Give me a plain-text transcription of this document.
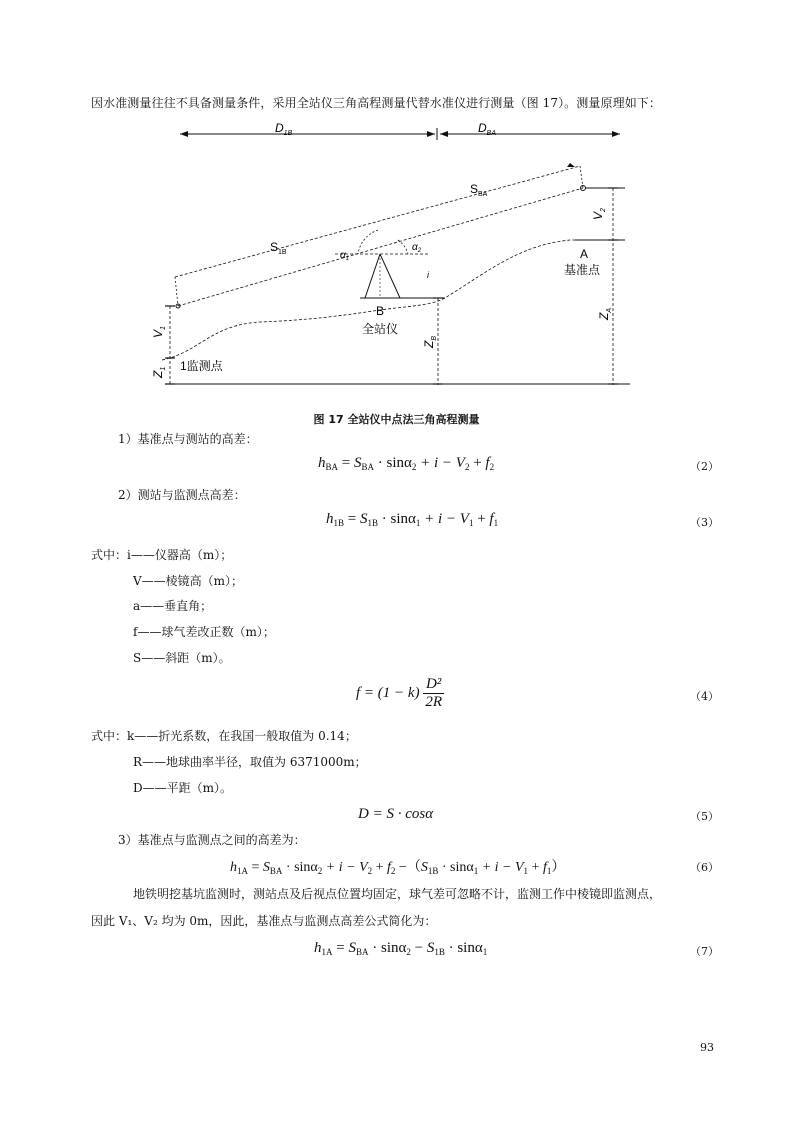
因水准测量往往不具备测量条件，采用全站仪三角高程测量代替水准仪进行测量（图 17）。测量原理如下：
$D_{1B}$	$D_{BA}$
$S_{BA}$
$S_{1B}$	$\alpha_1$
$\alpha_2$
i
B
全站仪
A
基准点
$V_2$
$Z_A$
$Z_B$
$V_1$
$Z_1$ 1监测点
图 17 全站仪中点法三角高程测量
1）基准点与测站的高差：
$h_{BA} = S_{BA} \cdot \sin\alpha_2 + i - V_2 + f_2$	（2）
2）测站与监测点高差：
$h_{1B} = S_{1B} \cdot \sin\alpha_1 + i - V_1 + f_1$	（3）
式中：i——仪器高（m）；
V——棱镜高（m）；
a——垂直角；
f——球气差改正数（m）；
S——斜距（m）。
$f = (1 - k) \frac{\text{D²}}{2R}$	（4）
式中：k——折光系数，在我国一般取值为 0.14；
R——地球曲率半径，取值为 6371000m；
D——平距（m）。
D = S · cosα	（5）
3）基准点与监测点之间的高差为：
$h_{1A} = S_{BA} \cdot \sin\alpha_2 + i - V_2 + f_2 -(S_{1B} \cdot \sin\alpha_1 + i - V_1 + f_1)$	（6）
地铁明挖基坑监测时，测站点及后视点位置均固定，球气差可忽略不计，监测工作中棱镜即监测点，
因此 V₁、V₂ 均为 0m，因此，基准点与监测点高差公式简化为：
$h_{1A} = S_{BA} \cdot \sin\alpha_2 - S_{1B} \cdot \sin\alpha_1$	（7）
93
